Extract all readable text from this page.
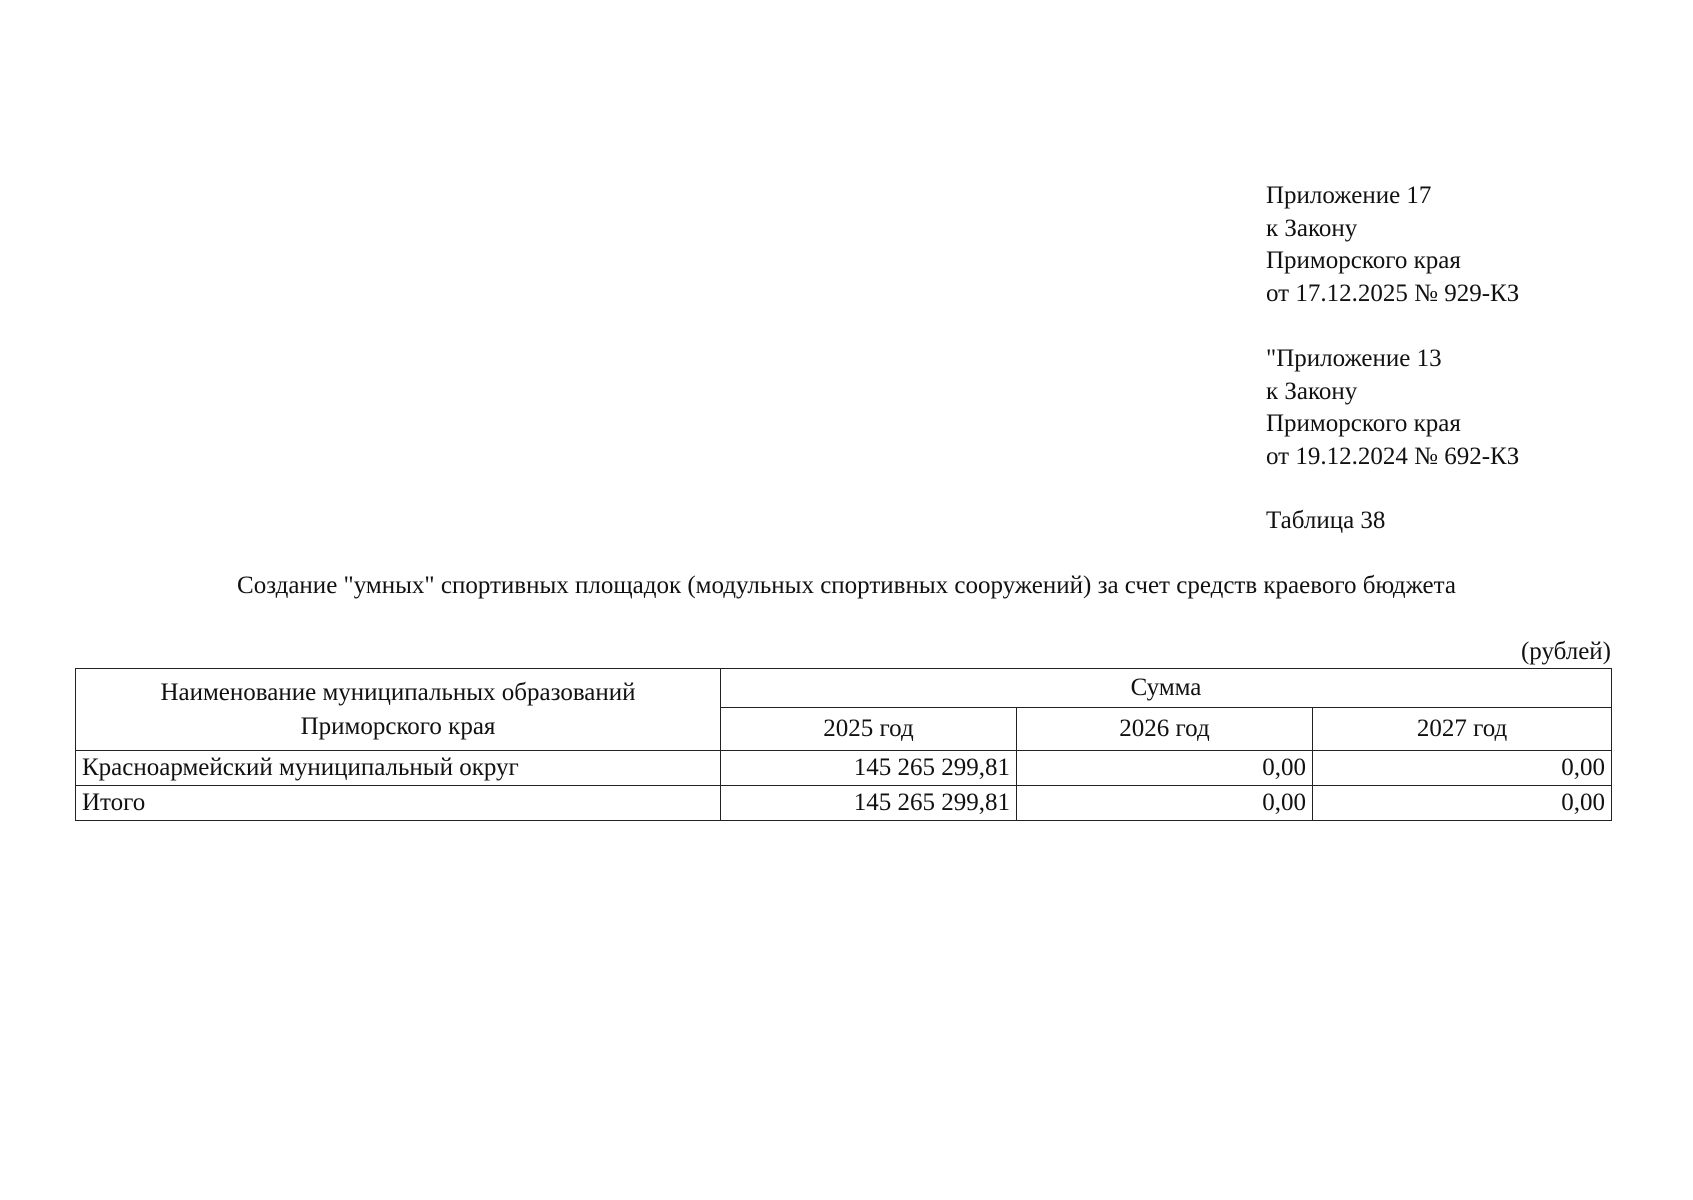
Приложение 17
к Закону
Приморского края
от 17.12.2025 № 929-КЗ
"Приложение 13
к Закону
Приморского края
от 19.12.2024 № 692-КЗ
Таблица 38
Создание "умных" спортивных площадок (модульных спортивных сооружений) за счет средств краевого бюджета
(рублей)
Наименование муниципальных образований
Приморского края	Сумма		
	2025 год	2026 год	2027 год
Красноармейский муниципальный округ	145 265 299,81	0,00	0,00
Итого	145 265 299,81	0,00	0,00
